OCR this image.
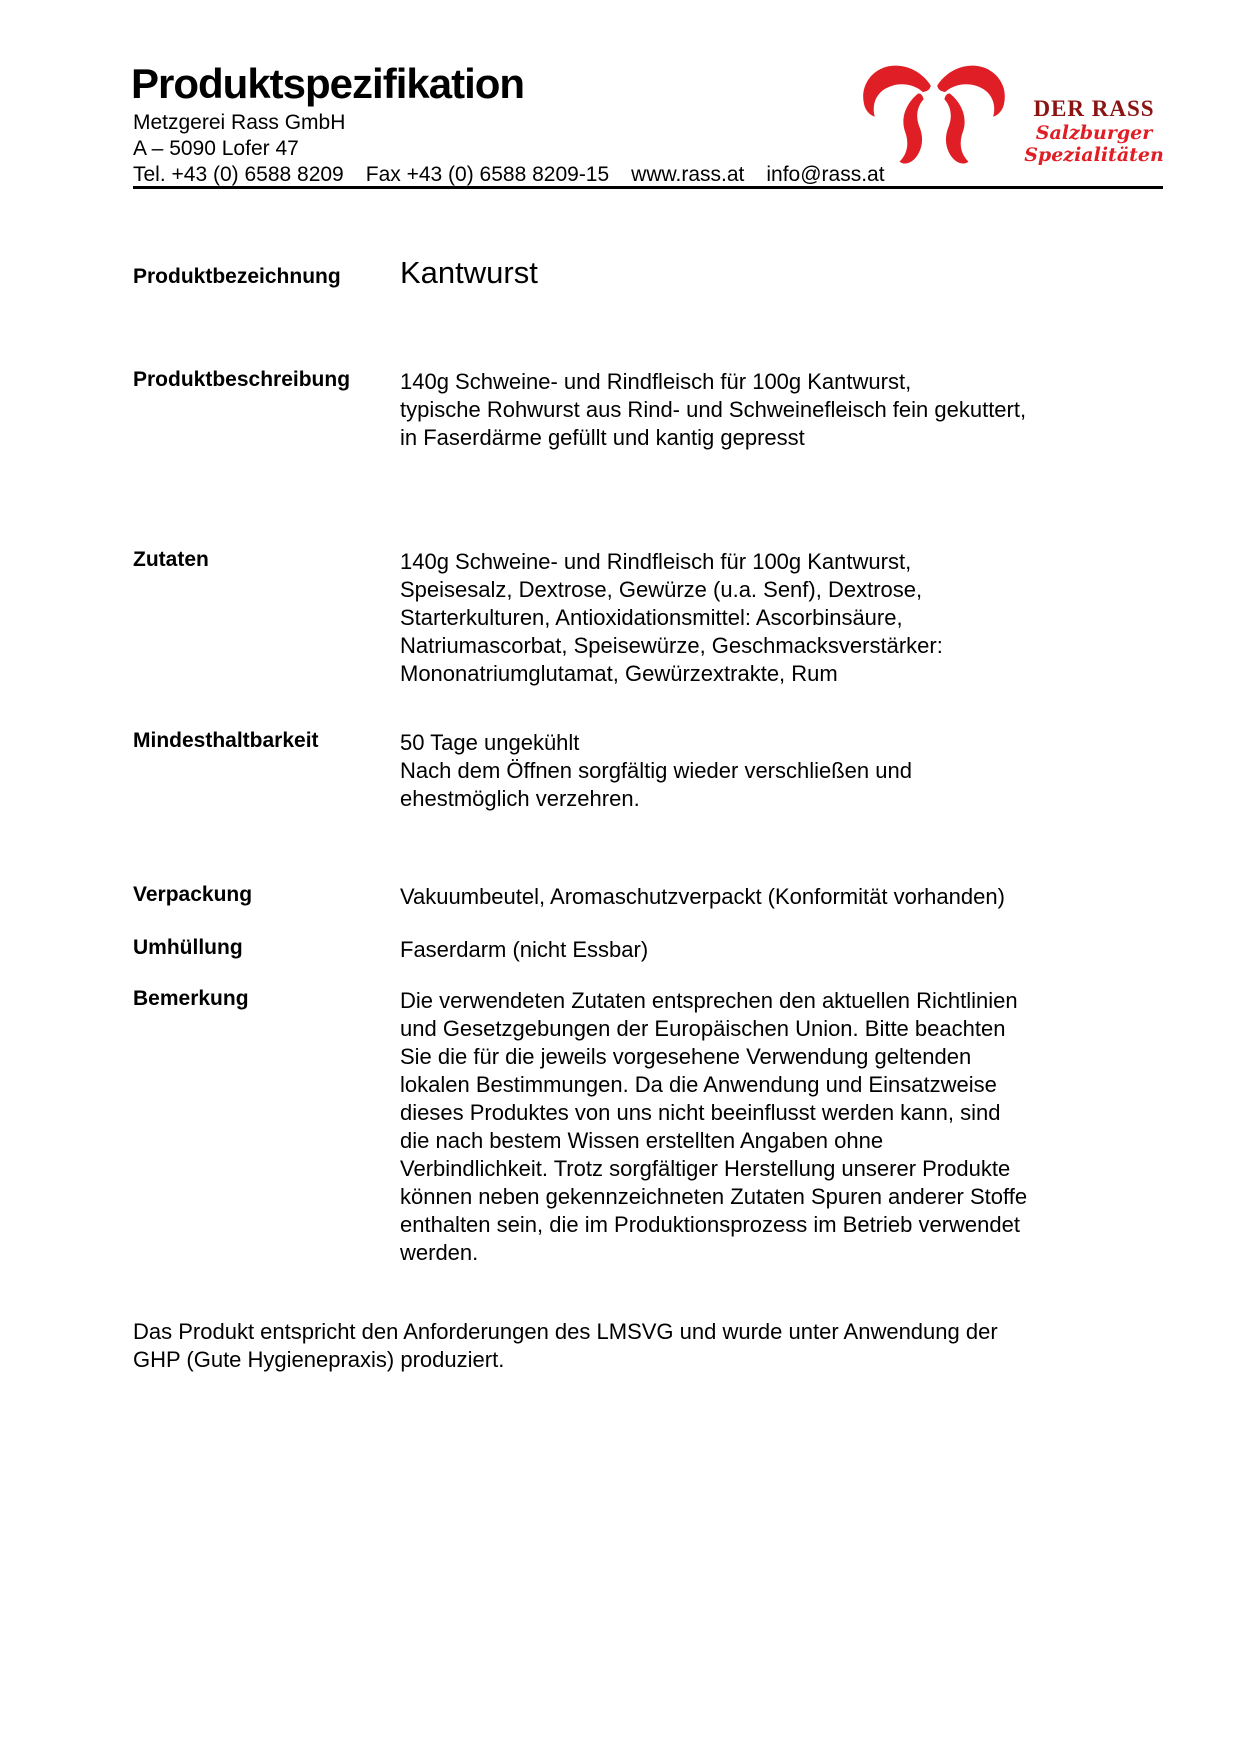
Produktspezifikation
Metzgerei Rass GmbH
A – 5090 Lofer 47
Tel. +43 (0) 6588 8209 Fax +43 (0) 6588 8209-15 www.rass.at info@rass.at
DER RASS
Salzburger
Spezialitäten
Produktbezeichnung	Kantwurst
Produktbeschreibung	140g Schweine- und Rindfleisch für 100g Kantwurst,
typische Rohwurst aus Rind- und Schweinefleisch fein gekuttert,
in Faserdärme gefüllt und kantig gepresst
Zutaten	140g Schweine- und Rindfleisch für 100g Kantwurst,
Speisesalz, Dextrose, Gewürze (u.a. Senf), Dextrose,
Starterkulturen, Antioxidationsmittel: Ascorbinsäure,
Natriumascorbat, Speisewürze, Geschmacksverstärker:
Mononatriumglutamat, Gewürzextrakte, Rum
Mindesthaltbarkeit	50 Tage ungekühlt
Nach dem Öffnen sorgfältig wieder verschließen und
ehestmöglich verzehren.
Verpackung	Vakuumbeutel, Aromaschutzverpackt (Konformität vorhanden)
Umhüllung	Faserdarm (nicht Essbar)
Bemerkung	Die verwendeten Zutaten entsprechen den aktuellen Richtlinien
und Gesetzgebungen der Europäischen Union. Bitte beachten
Sie die für die jeweils vorgesehene Verwendung geltenden
lokalen Bestimmungen. Da die Anwendung und Einsatzweise
dieses Produktes von uns nicht beeinflusst werden kann, sind
die nach bestem Wissen erstellten Angaben ohne
Verbindlichkeit. Trotz sorgfältiger Herstellung unserer Produkte
können neben gekennzeichneten Zutaten Spuren anderer Stoffe
enthalten sein, die im Produktionsprozess im Betrieb verwendet
werden.
Das Produkt entspricht den Anforderungen des LMSVG und wurde unter Anwendung der
GHP (Gute Hygienepraxis) produziert.
